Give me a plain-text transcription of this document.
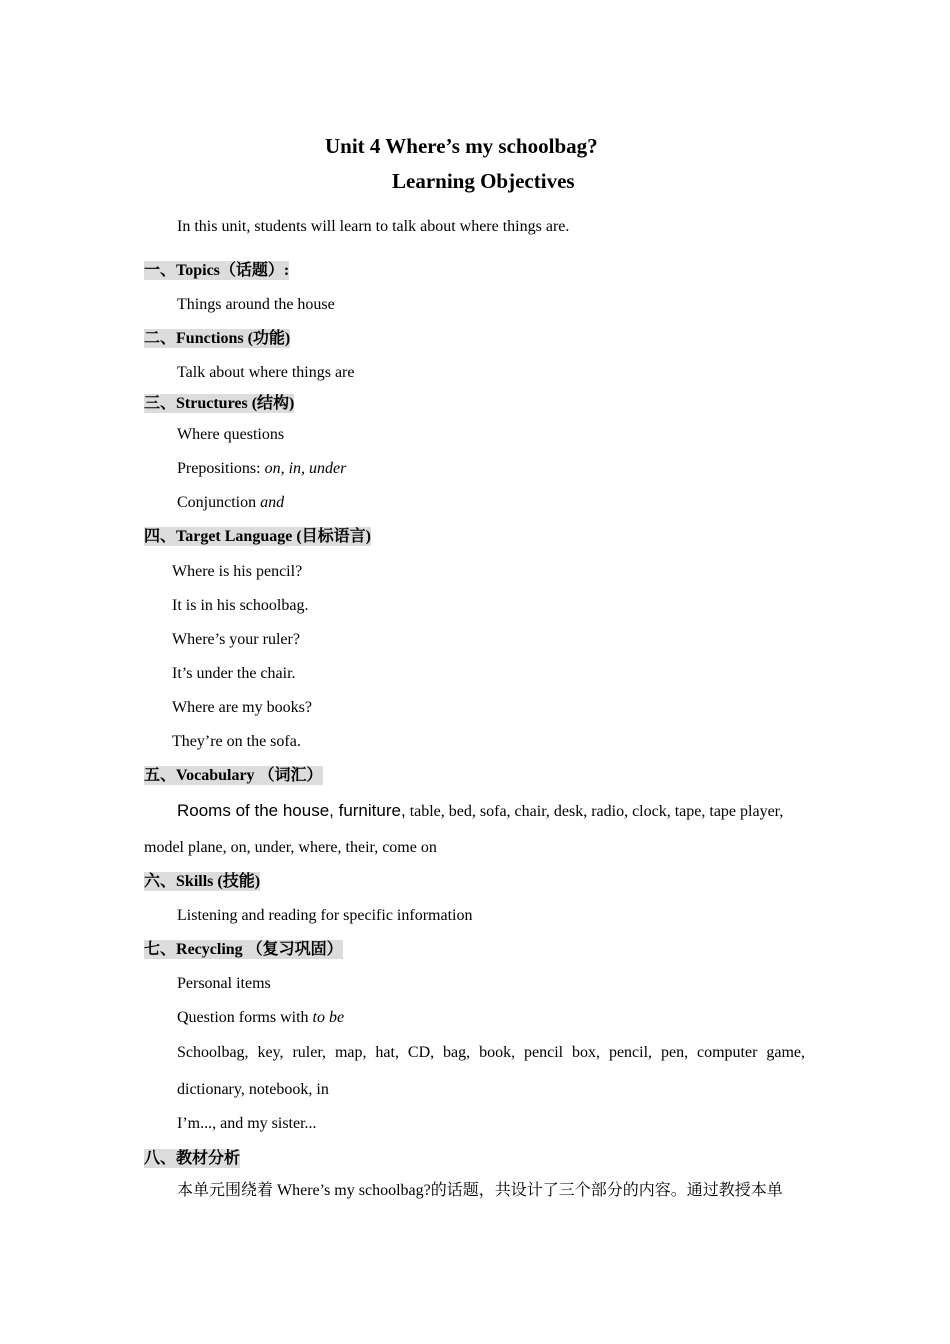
Unit 4 Where’s my schoolbag?
Learning Objectives
In this unit, students will learn to talk about where things are.
一、Topics（话题）:
Things around the house
二、Functions (功能)
Talk about where things are
三、Structures (结构)
Where questions
Prepositions: on, in, under
Conjunction and
四、Target Language (目标语言)
Where is his pencil?
It is in his schoolbag.
Where’s your ruler?
It’s under the chair.
Where are my books?
They’re on the sofa.
五、Vocabulary （词汇）
Rooms of the house, furniture, table, bed, sofa, chair, desk, radio, clock, tape, tape player,
model plane, on, under, where, their, come on
六、Skills (技能)
Listening and reading for specific information
七、Recycling （复习巩固）
Personal items
Question forms with to be
Schoolbag, key, ruler, map, hat, CD, bag, book, pencil box, pencil, pen, computer game,
dictionary, notebook, in
I’m..., and my sister...
八、教材分析
本单元围绕着 Where’s my schoolbag?的话题，共设计了三个部分的内容。通过教授本单
